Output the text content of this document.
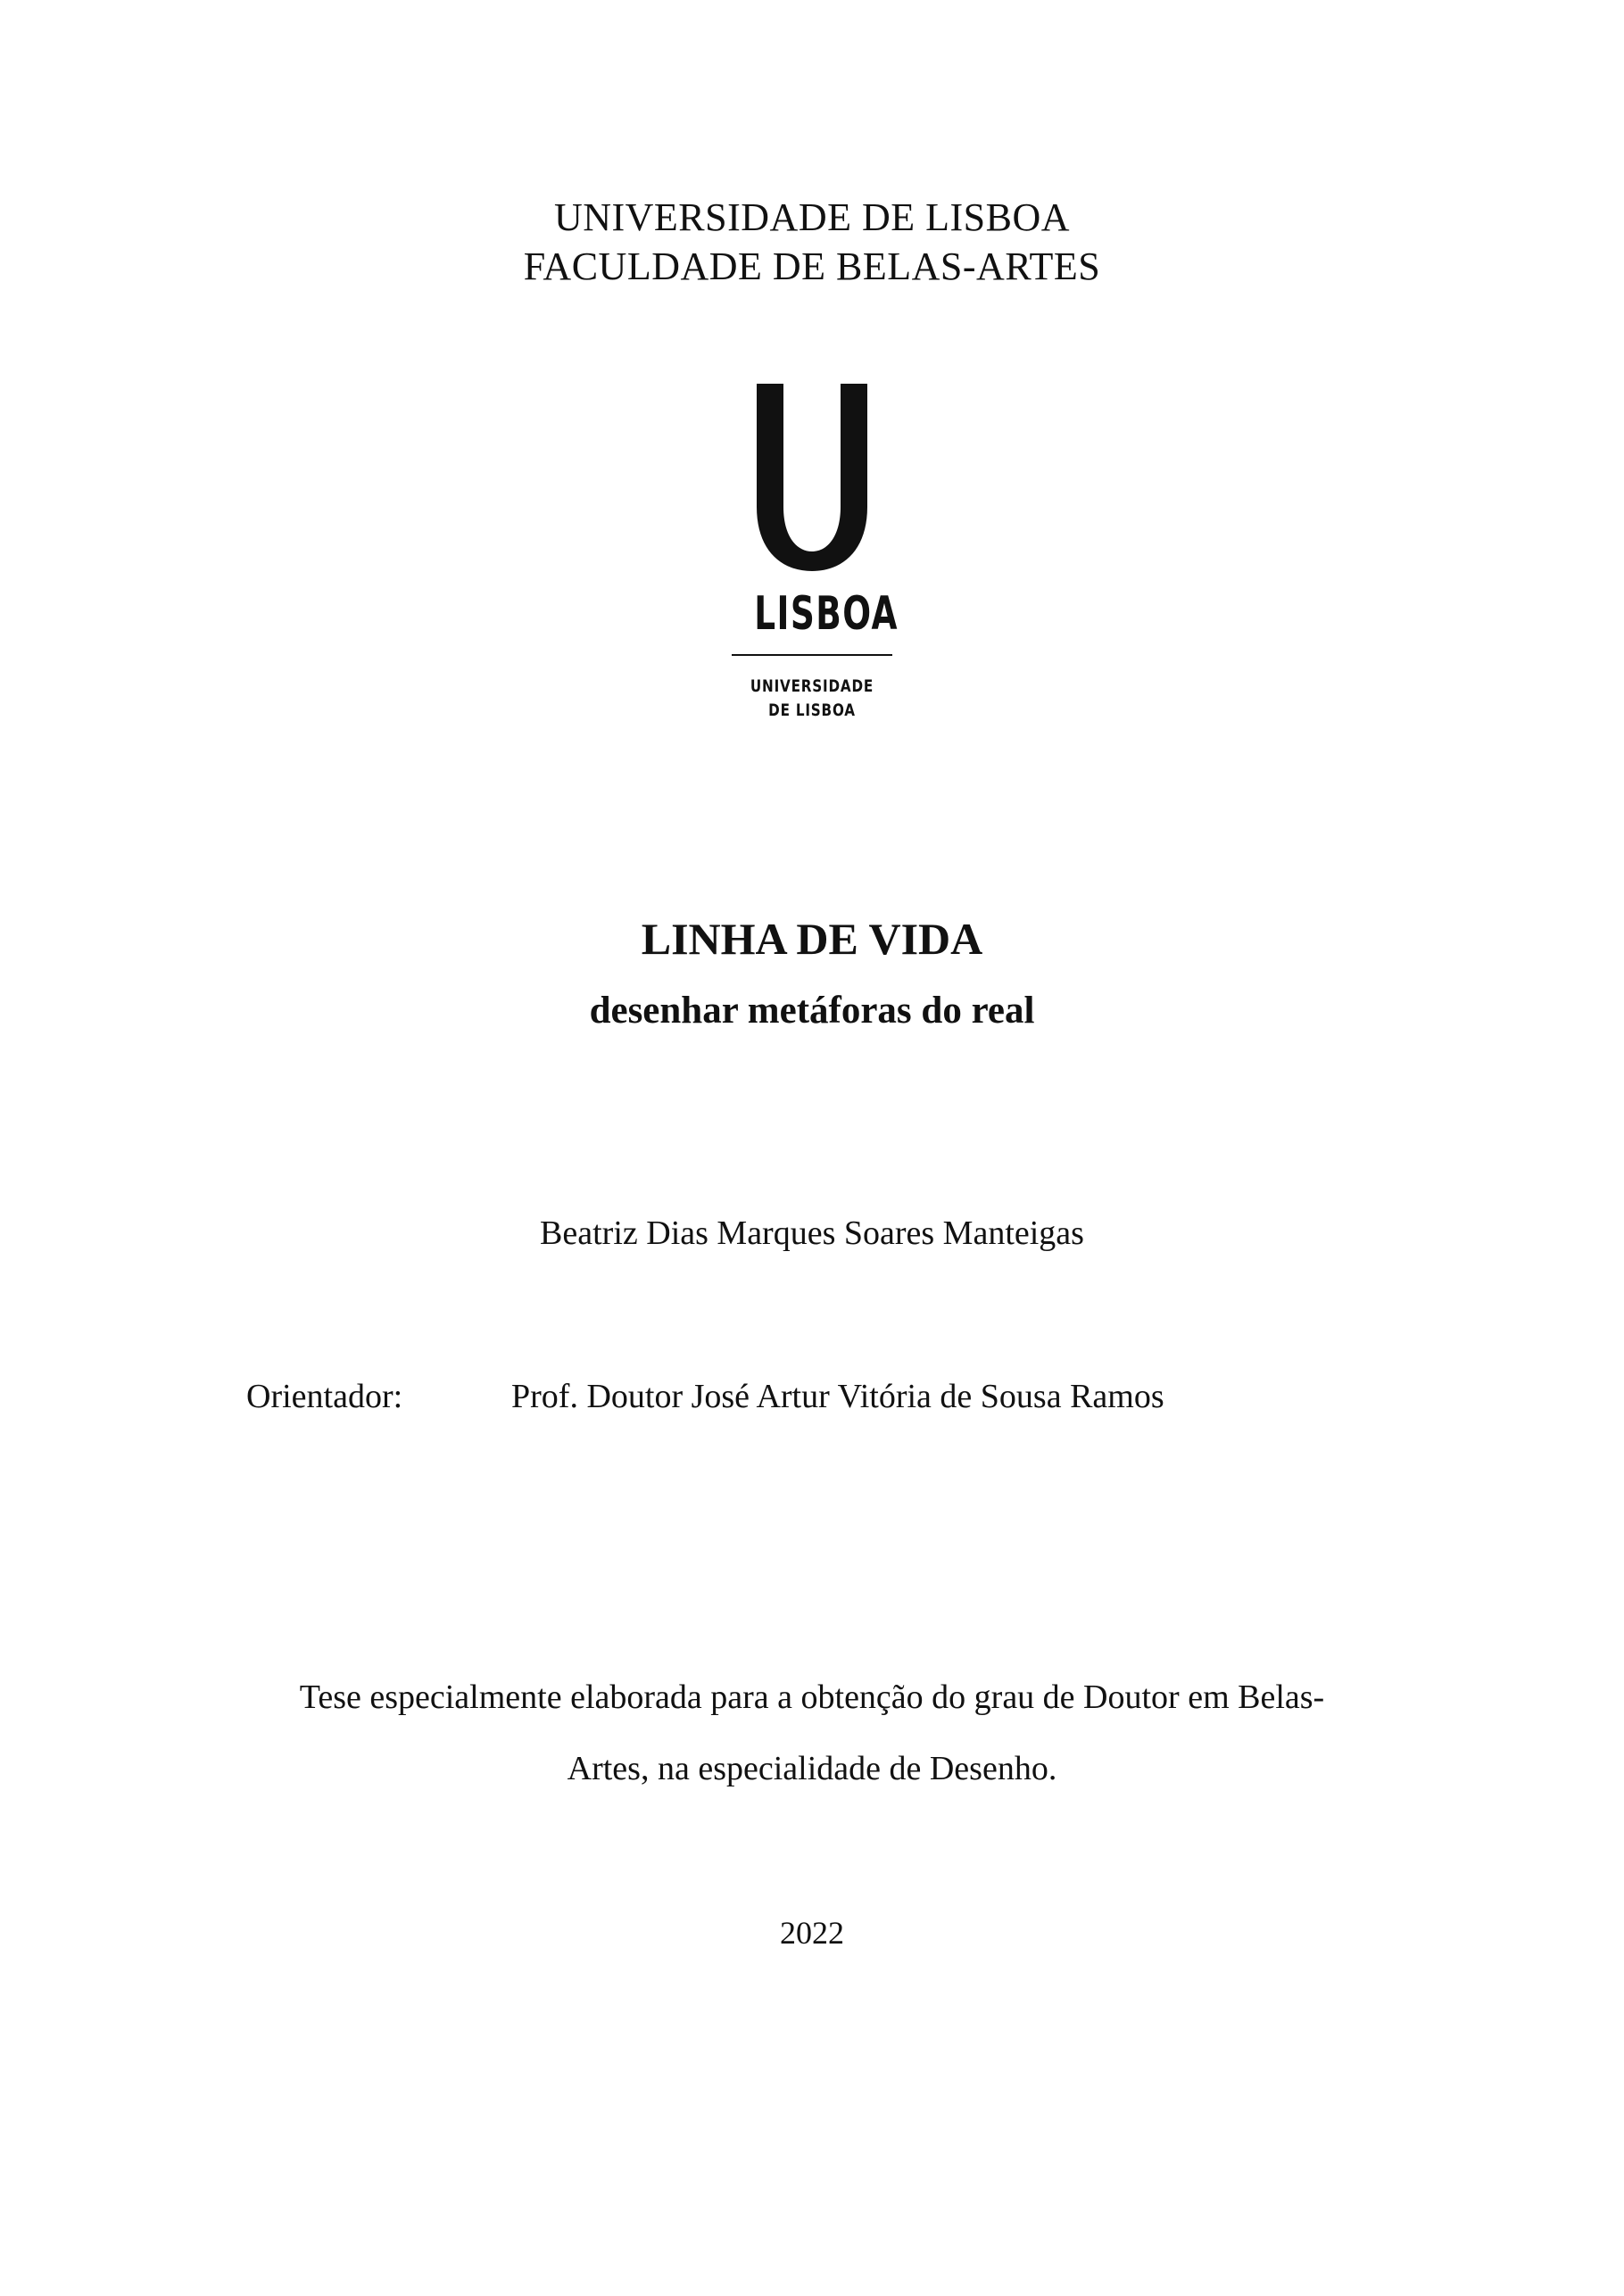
UNIVERSIDADE DE LISBOA
FACULDADE DE BELAS-ARTES
LISBOA
UNIVERSIDADE
DE LISBOA
LINHA DE VIDA
desenhar metáforas do real
Beatriz Dias Marques Soares Manteigas
Orientador:	Prof. Doutor José Artur Vitória de Sousa Ramos
Tese especialmente elaborada para a obtenção do grau de Doutor em Belas-
Artes, na especialidade de Desenho.
2022
